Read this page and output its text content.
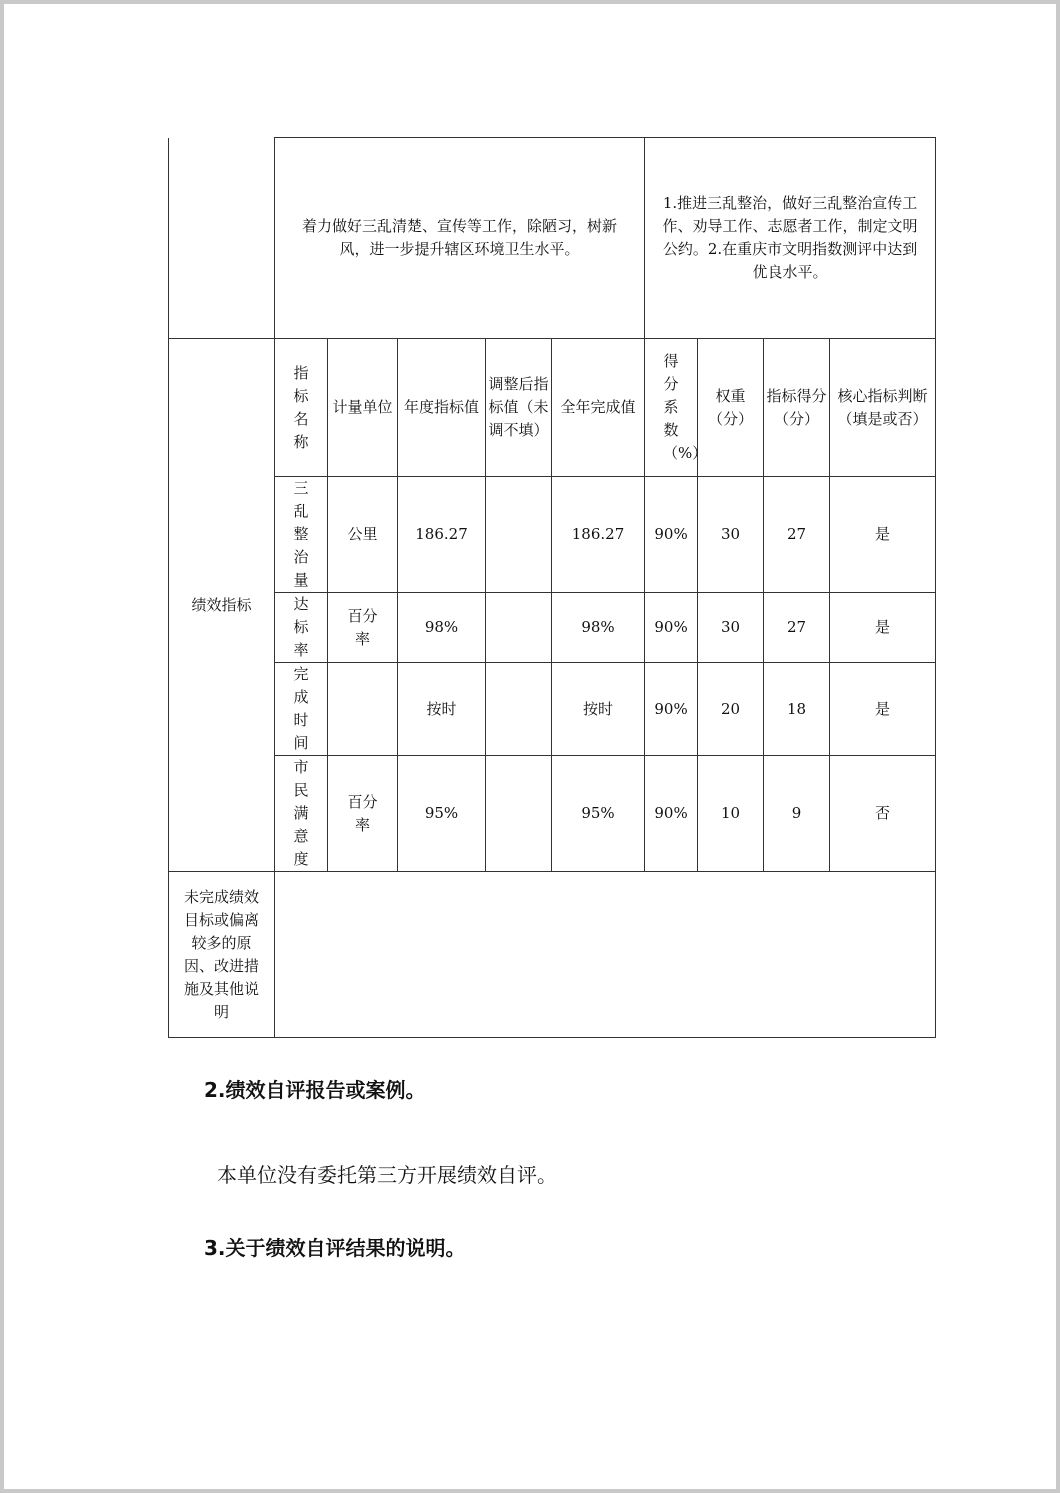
	着力做好三乱清楚、宣传等工作，除陋习，树新风，进一步提升辖区环境卫生水平。					1.推进三乱整治，做好三乱整治宣传工作、劝导工作、志愿者工作，制定文明公约。2.在重庆市文明指数测评中达到优良水平。			
绩效指标	指标名称	计量单位	年度指标值	调整后指标值（未调不填）	全年完成值	得分系数（%）	权重（分）	指标得分（分）	核心指标判断（填是或否）
	三乱整治量	公里	186.27		186.27	90%	30	27	是
	达标率	百分率	98%		98%	90%	30	27	是
	完成时间		按时		按时	90%	20	18	是
	市民满意度	百分率	95%		95%	90%	10	9	否
未完成绩效目标或偏离较多的原因、改进措施及其他说明									
2.绩效自评报告或案例。
本单位没有委托第三方开展绩效自评。
3.关于绩效自评结果的说明。
